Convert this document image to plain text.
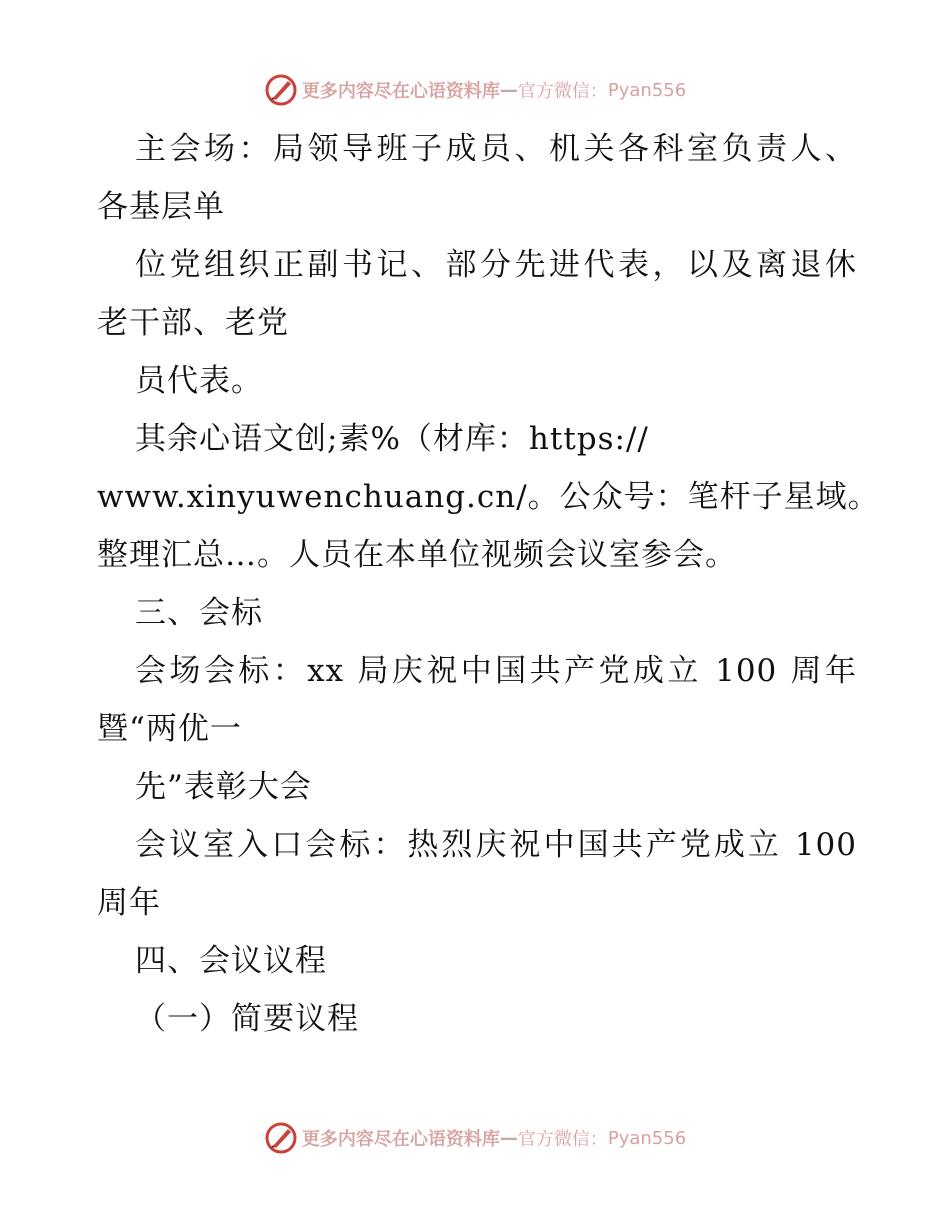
更多内容尽在心语资料库 — 官方微信： Pyan556
主会场：局领导班子成员、机关各科室负责人、
各基层单
位党组织正副书记、部分先进代表，以及离退休
老干部、老党
员代表。
其余心语文创;素%（材库：https://
www.xinyuwenchuang.cn/。公众号：笔杆子星域。
整理汇总…。人员在本单位视频会议室参会。
三、会标
会场会标：xx 局庆祝中国共产党成立 100 周年
暨“两优一
先”表彰大会
会议室入口会标：热烈庆祝中国共产党成立 100
周年
四、会议议程
（一）简要议程
更多内容尽在心语资料库 — 官方微信： Pyan556
